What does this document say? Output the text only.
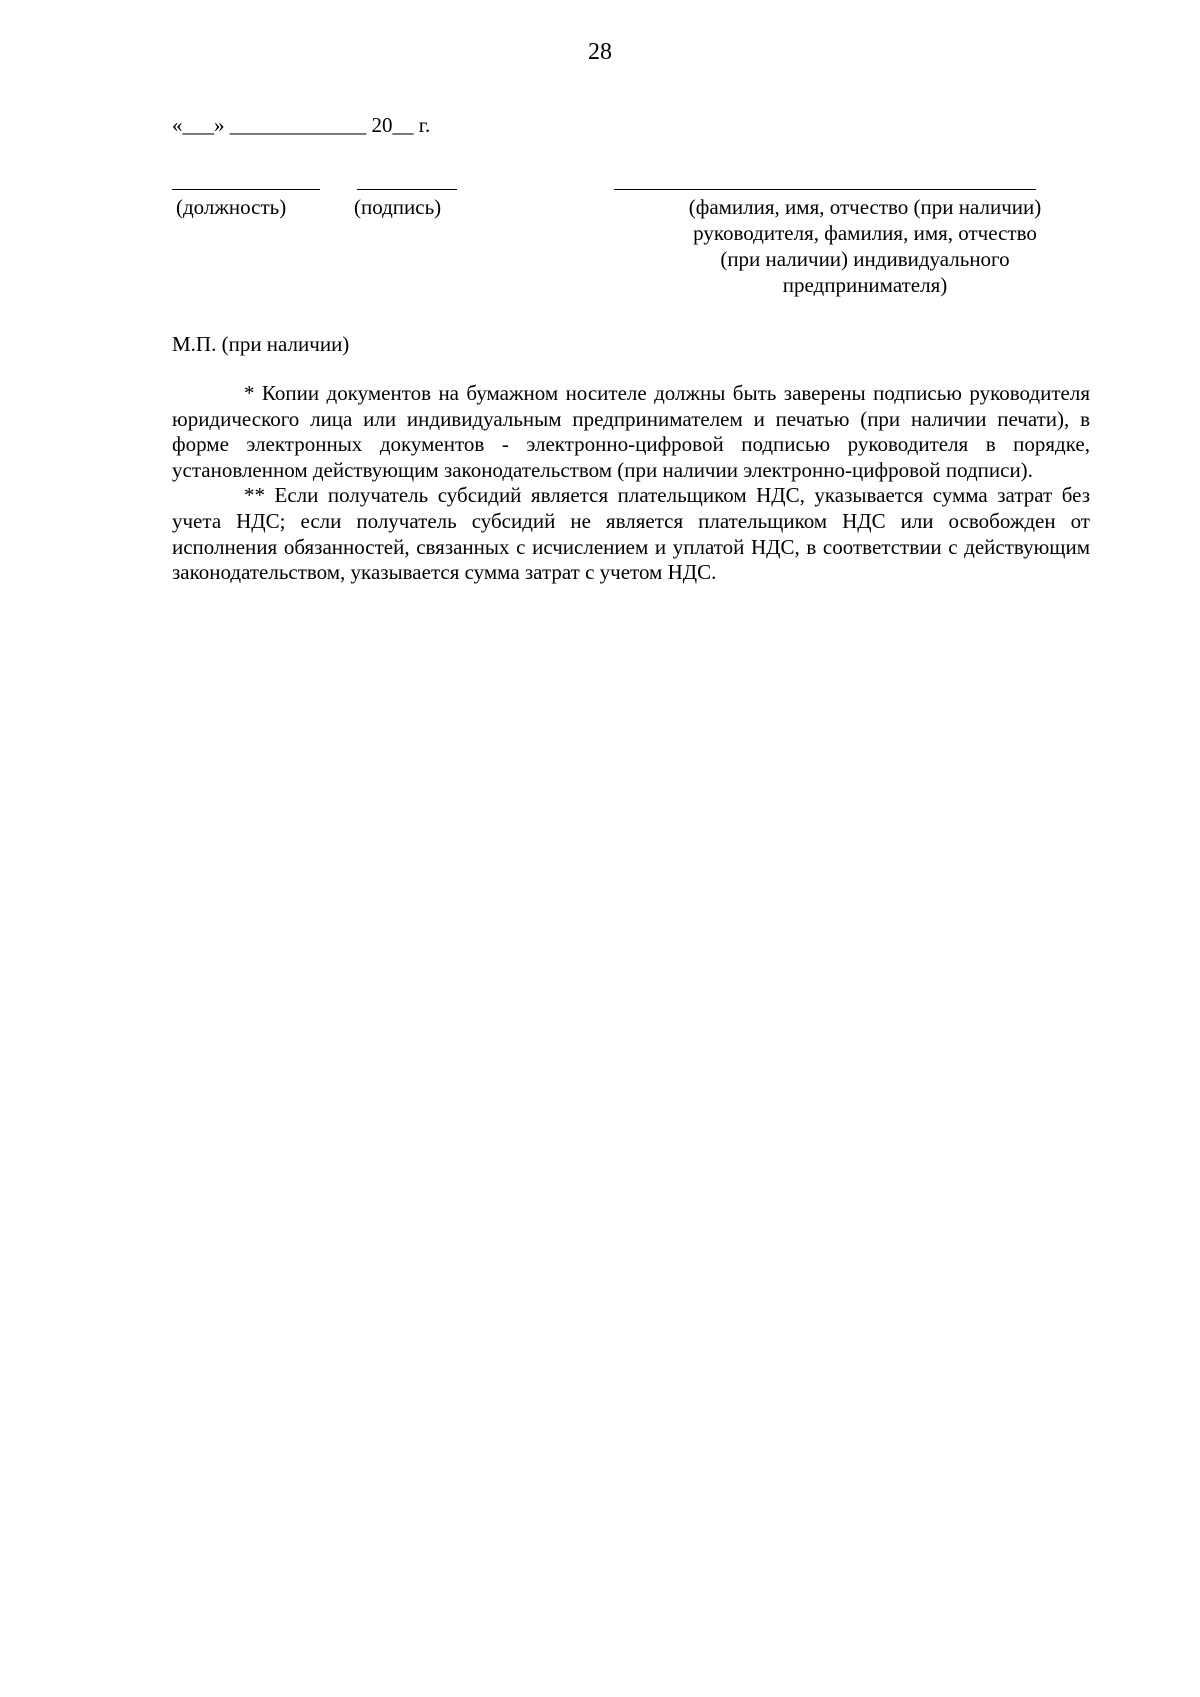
28
«___» _____________ 20__ г.
(должность)	(подпись)	(фамилия, имя, отчество (при наличии)
руководителя, фамилия, имя, отчество
(при наличии) индивидуального
предпринимателя)
М.П. (при наличии)

* Копии документов на бумажном носителе должны быть заверены подписью руководителя юридического лица или индивидуальным предпринимателем и печатью (при наличии печати), в форме электронных документов - электронно-цифровой подписью руководителя в порядке, установленном действующим законодательством (при наличии электронно-цифровой подписи).

** Если получатель субсидий является плательщиком НДС, указывается сумма затрат без учета НДС; если получатель субсидий не является плательщиком НДС или освобожден от исполнения обязанностей, связанных с исчислением и уплатой НДС, в соответствии с действующим законодательством, указывается сумма затрат с учетом НДС.
